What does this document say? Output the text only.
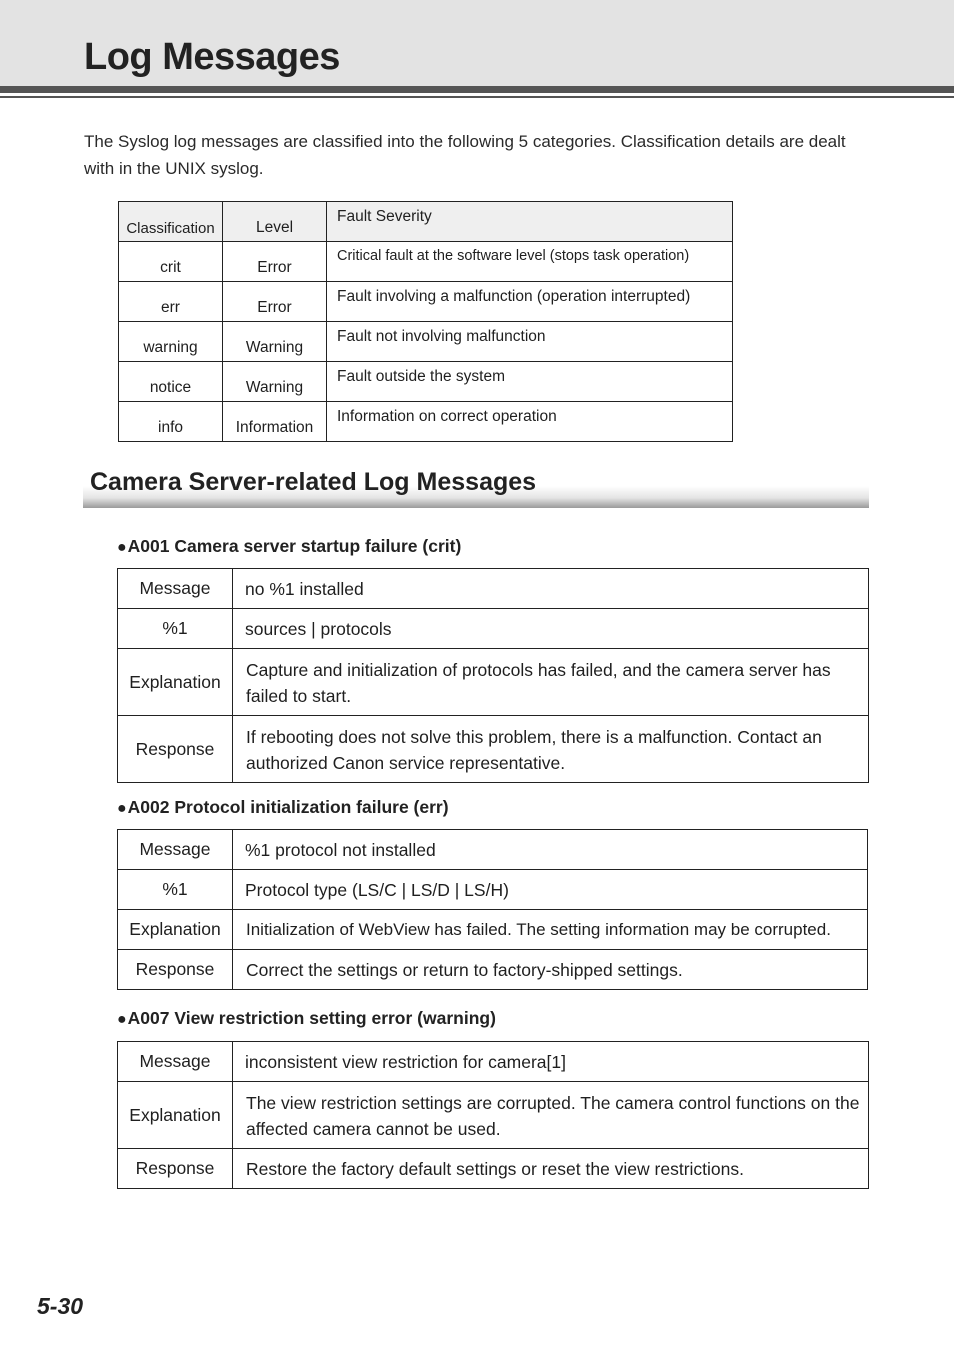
Log Messages

The Syslog log messages are classified into the following 5 categories. Classification details are dealt with in the UNIX syslog.

Classification	Level	Fault Severity
crit	Error	Critical fault at the software level (stops task operation)
err	Error	Fault involving a malfunction (operation interrupted)
warning	Warning	Fault not involving malfunction
notice	Warning	Fault outside the system
info	Information	Information on correct operation
Camera Server-related Log Messages

●A001 Camera server startup failure (crit)

Message	no %1 installed
%1	sources | protocols
Explanation	Capture and initialization of protocols has failed, and the camera server has failed to start.
Response	If rebooting does not solve this problem, there is a malfunction. Contact an authorized Canon service representative.

●A002 Protocol initialization failure (err)

Message	%1 protocol not installed
%1	Protocol type (LS/C | LS/D | LS/H)
Explanation	Initialization of WebView has failed. The setting information may be corrupted.
Response	Correct the settings or return to factory-shipped settings.

●A007 View restriction setting error (warning)

Message	inconsistent view restriction for camera[1]
Explanation	The view restriction settings are corrupted. The camera control functions on the affected camera cannot be used.
Response	Restore the factory default settings or reset the view restrictions.

5-30
